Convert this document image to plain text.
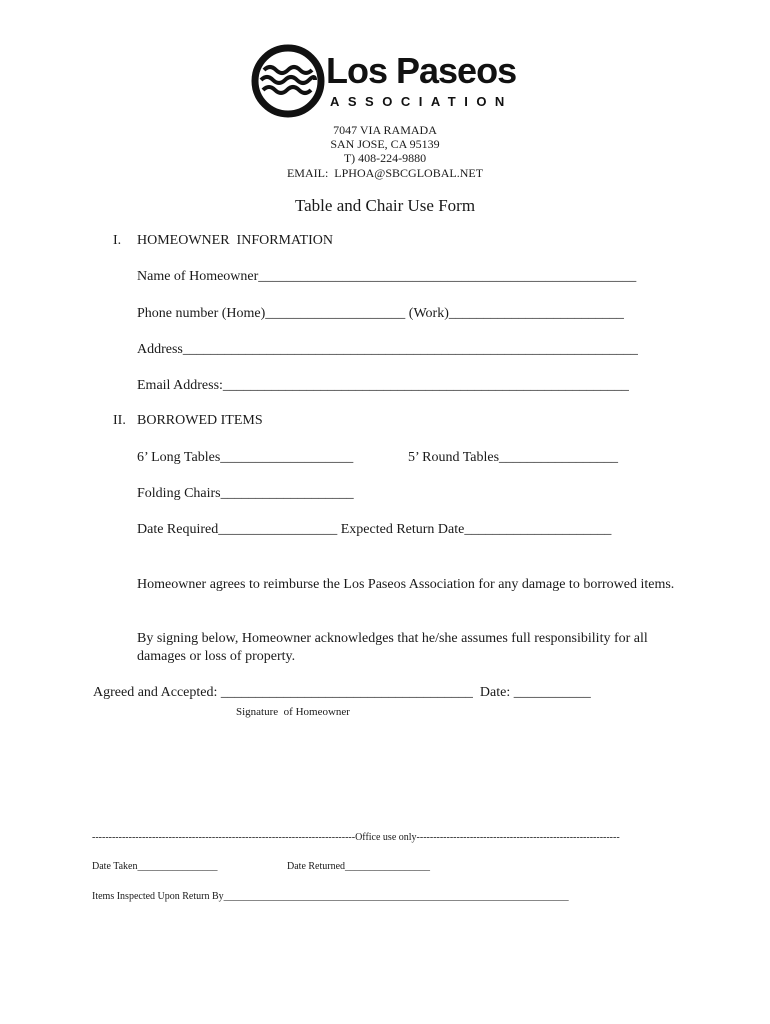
Los Paseos
ASSOCIATION
7047 VIA RAMADA
SAN JOSE, CA 95139
T) 408-224-9880
EMAIL:  LPHOA@SBCGLOBAL.NET
Table and Chair Use Form
I. HOMEOWNER  INFORMATION
Name of Homeowner______________________________________________________
Phone number (Home)____________________ (Work)_________________________
Address_________________________________________________________________
Email Address:__________________________________________________________
II. BORROWED ITEMS
6’ Long Tables___________________	5’ Round Tables_________________
Folding Chairs___________________
Date Required_________________ Expected Return Date_____________________
Homeowner agrees to reimburse the Los Paseos Association for any damage to borrowed items.
By signing below, Homeowner acknowledges that he/she assumes full responsibility for all damages or loss of property.
Agreed and Accepted: ____________________________________  Date: ___________
Signature  of Homeowner
-------------------------------------------------------------------------------Office use only-------------------------------------------------------------
Date Taken________________	Date Returned_________________
Items Inspected Upon Return By_____________________________________________________________________
